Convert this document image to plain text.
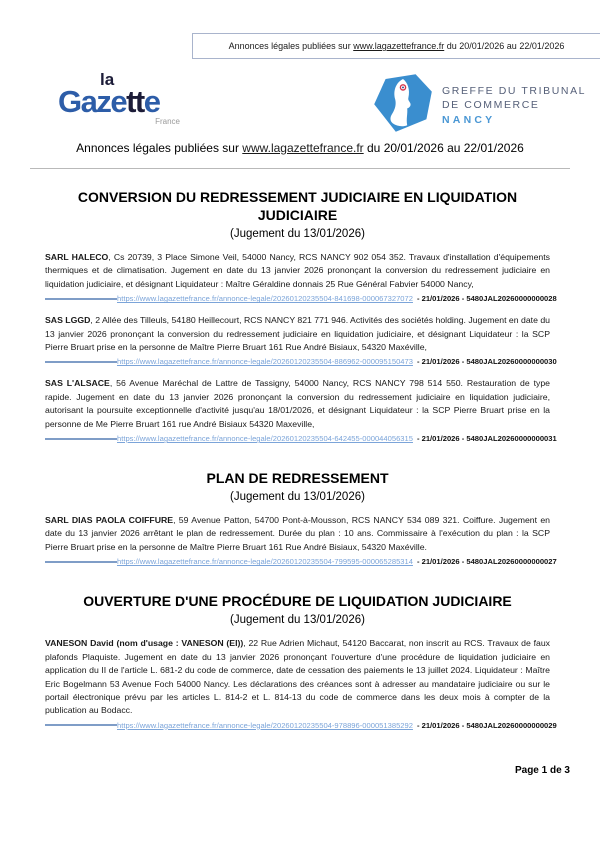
Annonces légales publiées sur www.lagazettefrance.fr du 20/01/2026 au 22/01/2026
la
Gazette
France
GREFFE DU TRIBUNAL
DE COMMERCE
NANCY
Annonces légales publiées sur www.lagazettefrance.fr du 20/01/2026 au 22/01/2026
CONVERSION DU REDRESSEMENT JUDICIAIRE EN LIQUIDATION JUDICIAIRE
(Jugement du 13/01/2026)

SARL HALECO, Cs 20739, 3 Place Simone Veil, 54000 Nancy, RCS NANCY 902 054 352. Travaux d'installation d'équipements thermiques et de climatisation. Jugement en date du 13 janvier 2026 prononçant la conversion du redressement judiciaire en liquidation judiciaire, et désignant Liquidateur : Maître Géraldine donnais 25 Rue Général Fabvier 54000 Nancy,

https://www.lagazettefrance.fr/annonce-legale/20260120235504-841698-000067327072 - 21/01/2026 - 5480JAL20260000000028

SAS LGGD, 2 Allée des Tilleuls, 54180 Heillecourt, RCS NANCY 821 771 946. Activités des sociétés holding. Jugement en date du 13 janvier 2026 prononçant la conversion du redressement judiciaire en liquidation judiciaire, et désignant Liquidateur : la SCP Pierre Bruart prise en la personne de Maître Pierre Bruart 161 Rue André Bisiaux, 54320 Maxéville,

https://www.lagazettefrance.fr/annonce-legale/20260120235504-886962-000095150473 - 21/01/2026 - 5480JAL20260000000030

SAS L'ALSACE, 56 Avenue Maréchal de Lattre de Tassigny, 54000 Nancy, RCS NANCY 798 514 550. Restauration de type rapide. Jugement en date du 13 janvier 2026 prononçant la conversion du redressement judiciaire en liquidation judiciaire, autorisant la poursuite exceptionnelle d'activité jusqu'au 18/01/2026, et désignant Liquidateur : la SCP Pierre Bruart prise en la personne de Me Pierre Bruart 161 rue André Bisiaux 54320 Maxeville,

https://www.lagazettefrance.fr/annonce-legale/20260120235504-642455-000044056315 - 21/01/2026 - 5480JAL20260000000031
PLAN DE REDRESSEMENT
(Jugement du 13/01/2026)

SARL DIAS PAOLA COIFFURE, 59 Avenue Patton, 54700 Pont-à-Mousson, RCS NANCY 534 089 321. Coiffure. Jugement en date du 13 janvier 2026 arrêtant le plan de redressement. Durée du plan : 10 ans. Commissaire à l'exécution du plan : la SCP Pierre Bruart prise en la personne de Maître Pierre Bruart 161 Rue André Bisiaux, 54320 Maxéville.

https://www.lagazettefrance.fr/annonce-legale/20260120235504-799595-000065285314 - 21/01/2026 - 5480JAL20260000000027
OUVERTURE D'UNE PROCÉDURE DE LIQUIDATION JUDICIAIRE
(Jugement du 13/01/2026)

VANESON David (nom d'usage : VANESON (EI)), 22 Rue Adrien Michaut, 54120 Baccarat, non inscrit au RCS. Travaux de faux plafonds Plaquiste. Jugement en date du 13 janvier 2026 prononçant l'ouverture d'une procédure de liquidation judiciaire en application du II de l'article L. 681-2 du code de commerce, date de cessation des paiements le 13 juillet 2024. Liquidateur : Maître Eric Bogelmann 53 Avenue Foch 54000 Nancy. Les déclarations des créances sont à adresser au mandataire judiciaire ou sur le portail électronique prévu par les articles L. 814-2 et L. 814-13 du code de commerce dans les deux mois à compter de la publication au Bodacc.

https://www.lagazettefrance.fr/annonce-legale/20260120235504-978896-000051385292 - 21/01/2026 - 5480JAL20260000000029
Page 1 de 3
